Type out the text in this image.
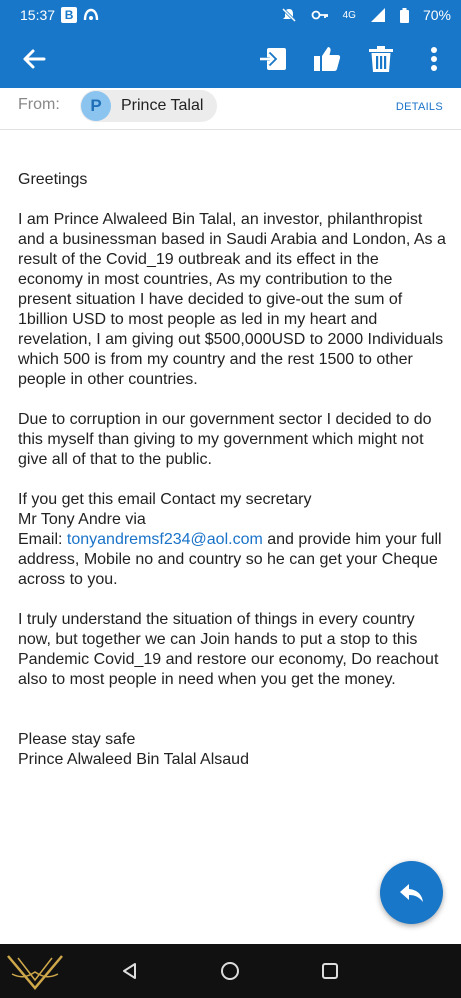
15:37 B	4G	70%
From:	P	Prince Talal	DETAILS

Greetings

I am Prince Alwaleed Bin Talal, an investor, philanthropist and a businessman based in Saudi Arabia and London, As a result of the Covid_19 outbreak and its effect in the economy in most countries, As my contribution to the present situation I have decided to give-out the sum of 1billion USD to most people as led in my heart and revelation, I am giving out $500,000USD to 2000 Individuals which 500 is from my country and the rest 1500 to other people in other countries.

Due to corruption in our government sector I decided to do this myself than giving to my government which might not give all of that to the public.

If you get this email Contact my secretary
Mr Tony Andre via
Email: tonyandremsf234@aol.com and provide him your full address, Mobile no and country so he can get your Cheque across to you.

I truly understand the situation of things in every country now, but together we can Join hands to put a stop to this Pandemic Covid_19 and restore our economy, Do reachout also to most people in need when you get the money.

Please stay safe
Prince Alwaleed Bin Talal Alsaud
